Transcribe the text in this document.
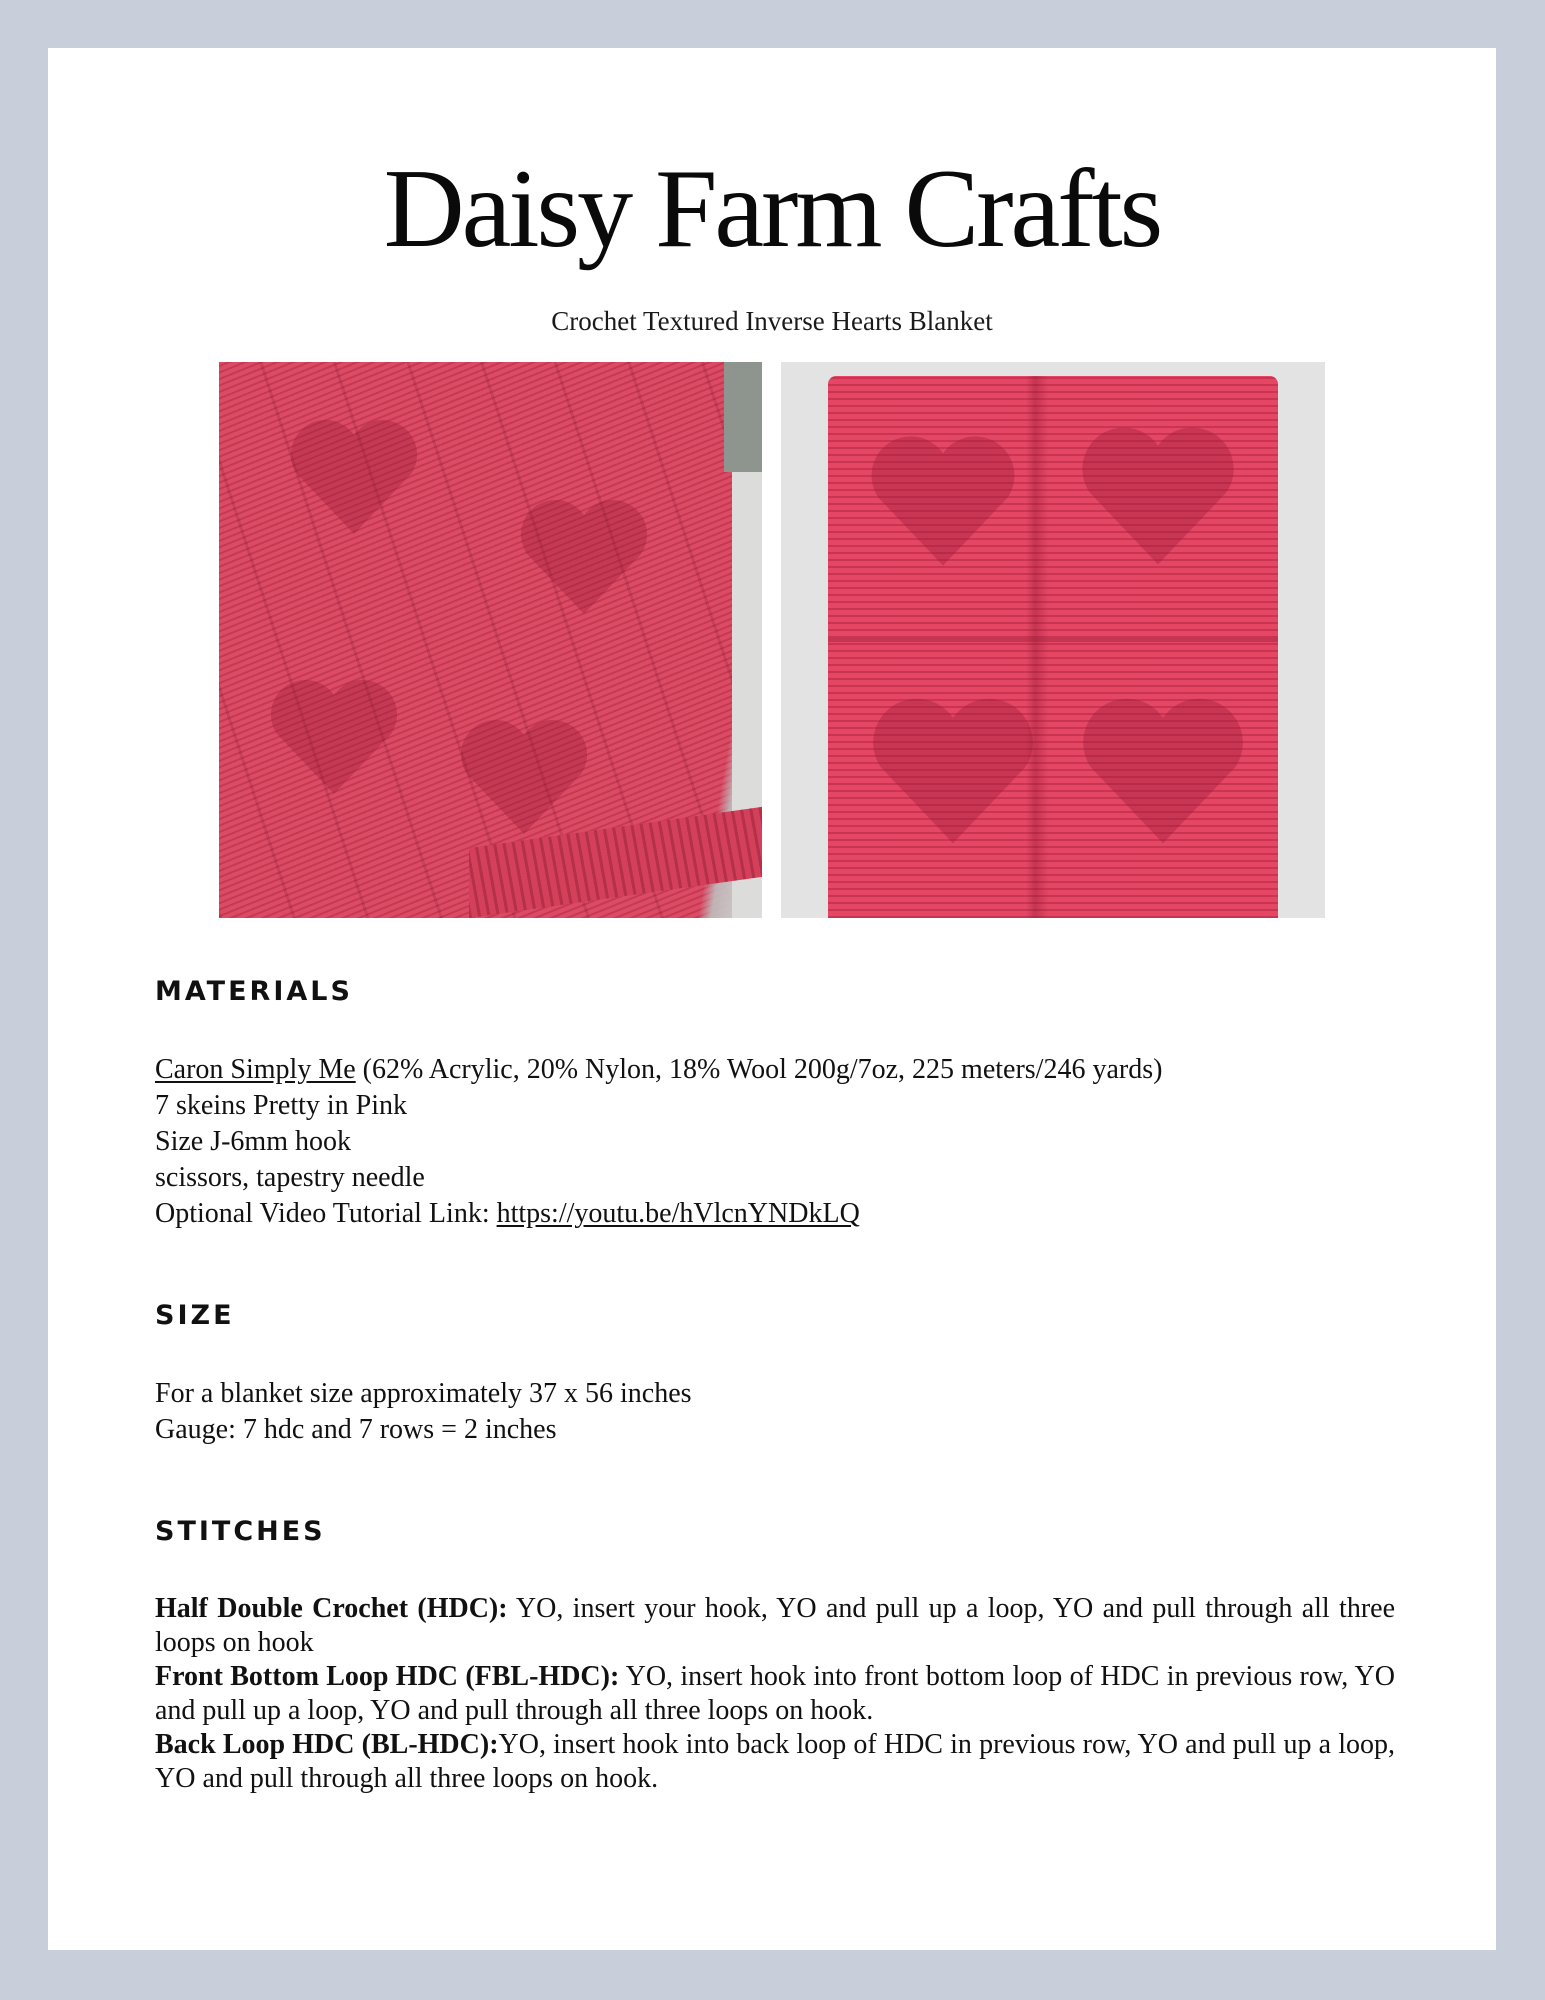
Daisy Farm Crafts

Crochet Textured Inverse Hearts Blanket

MATERIALS
Caron Simply Me (62% Acrylic, 20% Nylon, 18% Wool 200g/7oz, 225 meters/246 yards)
7 skeins Pretty in Pink
Size J-6mm hook
scissors, tapestry needle
Optional Video Tutorial Link: https://youtu.be/hVlcnYNDkLQ
SIZE
For a blanket size approximately 37 x 56 inches
Gauge: 7 hdc and 7 rows = 2 inches
STITCHES
Half Double Crochet (HDC): YO, insert your hook, YO and pull up a loop, YO and pull through all three loops on hook
Front Bottom Loop HDC (FBL-HDC): YO, insert hook into front bottom loop of HDC in previous row, YO and pull up a loop, YO and pull through all three loops on hook.
Back Loop HDC (BL-HDC):YO, insert hook into back loop of HDC in previous row, YO and pull up a loop, YO and pull through all three loops on hook.
